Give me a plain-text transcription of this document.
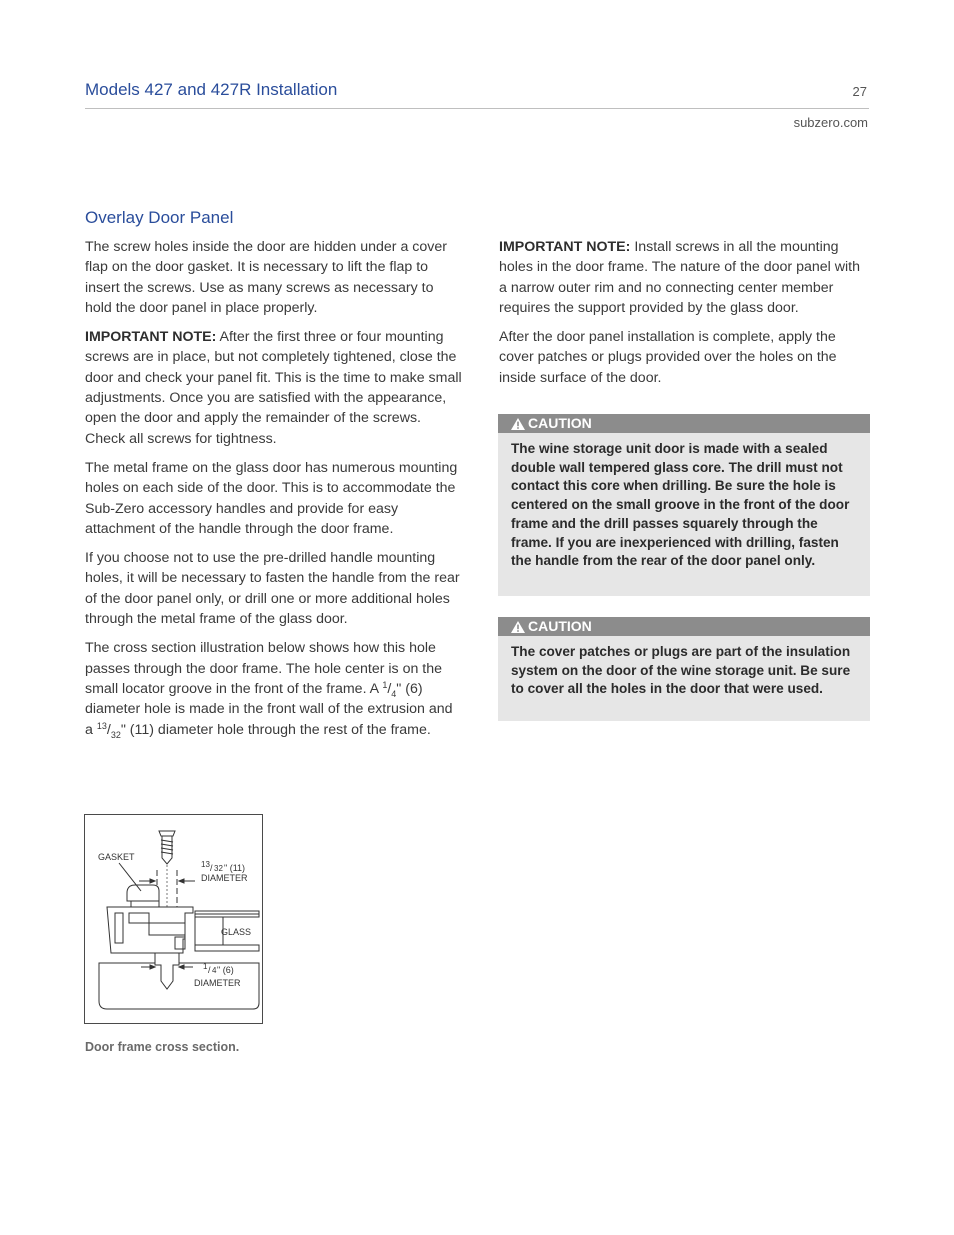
Models 427 and 427R Installation	27
subzero.com
Overlay Door Panel

The screw holes inside the door are hidden under a cover flap on the door gasket. It is necessary to lift the flap to insert the screws. Use as many screws as necessary to hold the door panel in place properly.

IMPORTANT NOTE: After the first three or four mounting screws are in place, but not completely tightened, close the door and check your panel fit. This is the time to make small adjustments. Once you are satisfied with the appearance, open the door and apply the remainder of the screws. Check all screws for tightness.

The metal frame on the glass door has numerous mounting holes on each side of the door. This is to accommodate the Sub-Zero accessory handles and provide for easy attachment of the handle through the door frame.

If you choose not to use the pre-drilled handle mounting holes, it will be necessary to fasten the handle from the rear of the door panel only, or drill one or more additional holes through the metal frame of the glass door.

The cross section illustration below shows how this hole passes through the door frame. The hole center is on the small locator groove in the front of the frame. A $^1/_4$" (6) diameter hole is made in the front wall of the extrusion and a $^{13}/_{32}$" (11) diameter hole through the rest of the frame.

IMPORTANT NOTE: Install screws in all the mounting holes in the door frame. The nature of the door panel with a narrow outer rim and no connecting center member requires the support provided by the glass door.

After the door panel installation is complete, apply the cover patches or plugs provided over the holes on the inside surface of the door.

CAUTION
The wine storage unit door is made with a sealed double wall tempered glass core. The drill must not contact this core when drilling. Be sure the hole is centered on the small groove in the front of the door frame and the drill passes squarely through the frame. If you are inexperienced with drilling, fasten the handle from the rear of the door panel only.
CAUTION
The cover patches or plugs are part of the insulation system on the door of the wine storage unit. Be sure to cover all the holes in the door that were used.
GASKET
13 / 32 " (11)
DIAMETER
GLASS
1 / 4 " (6)
DIAMETER
Door frame cross section.
